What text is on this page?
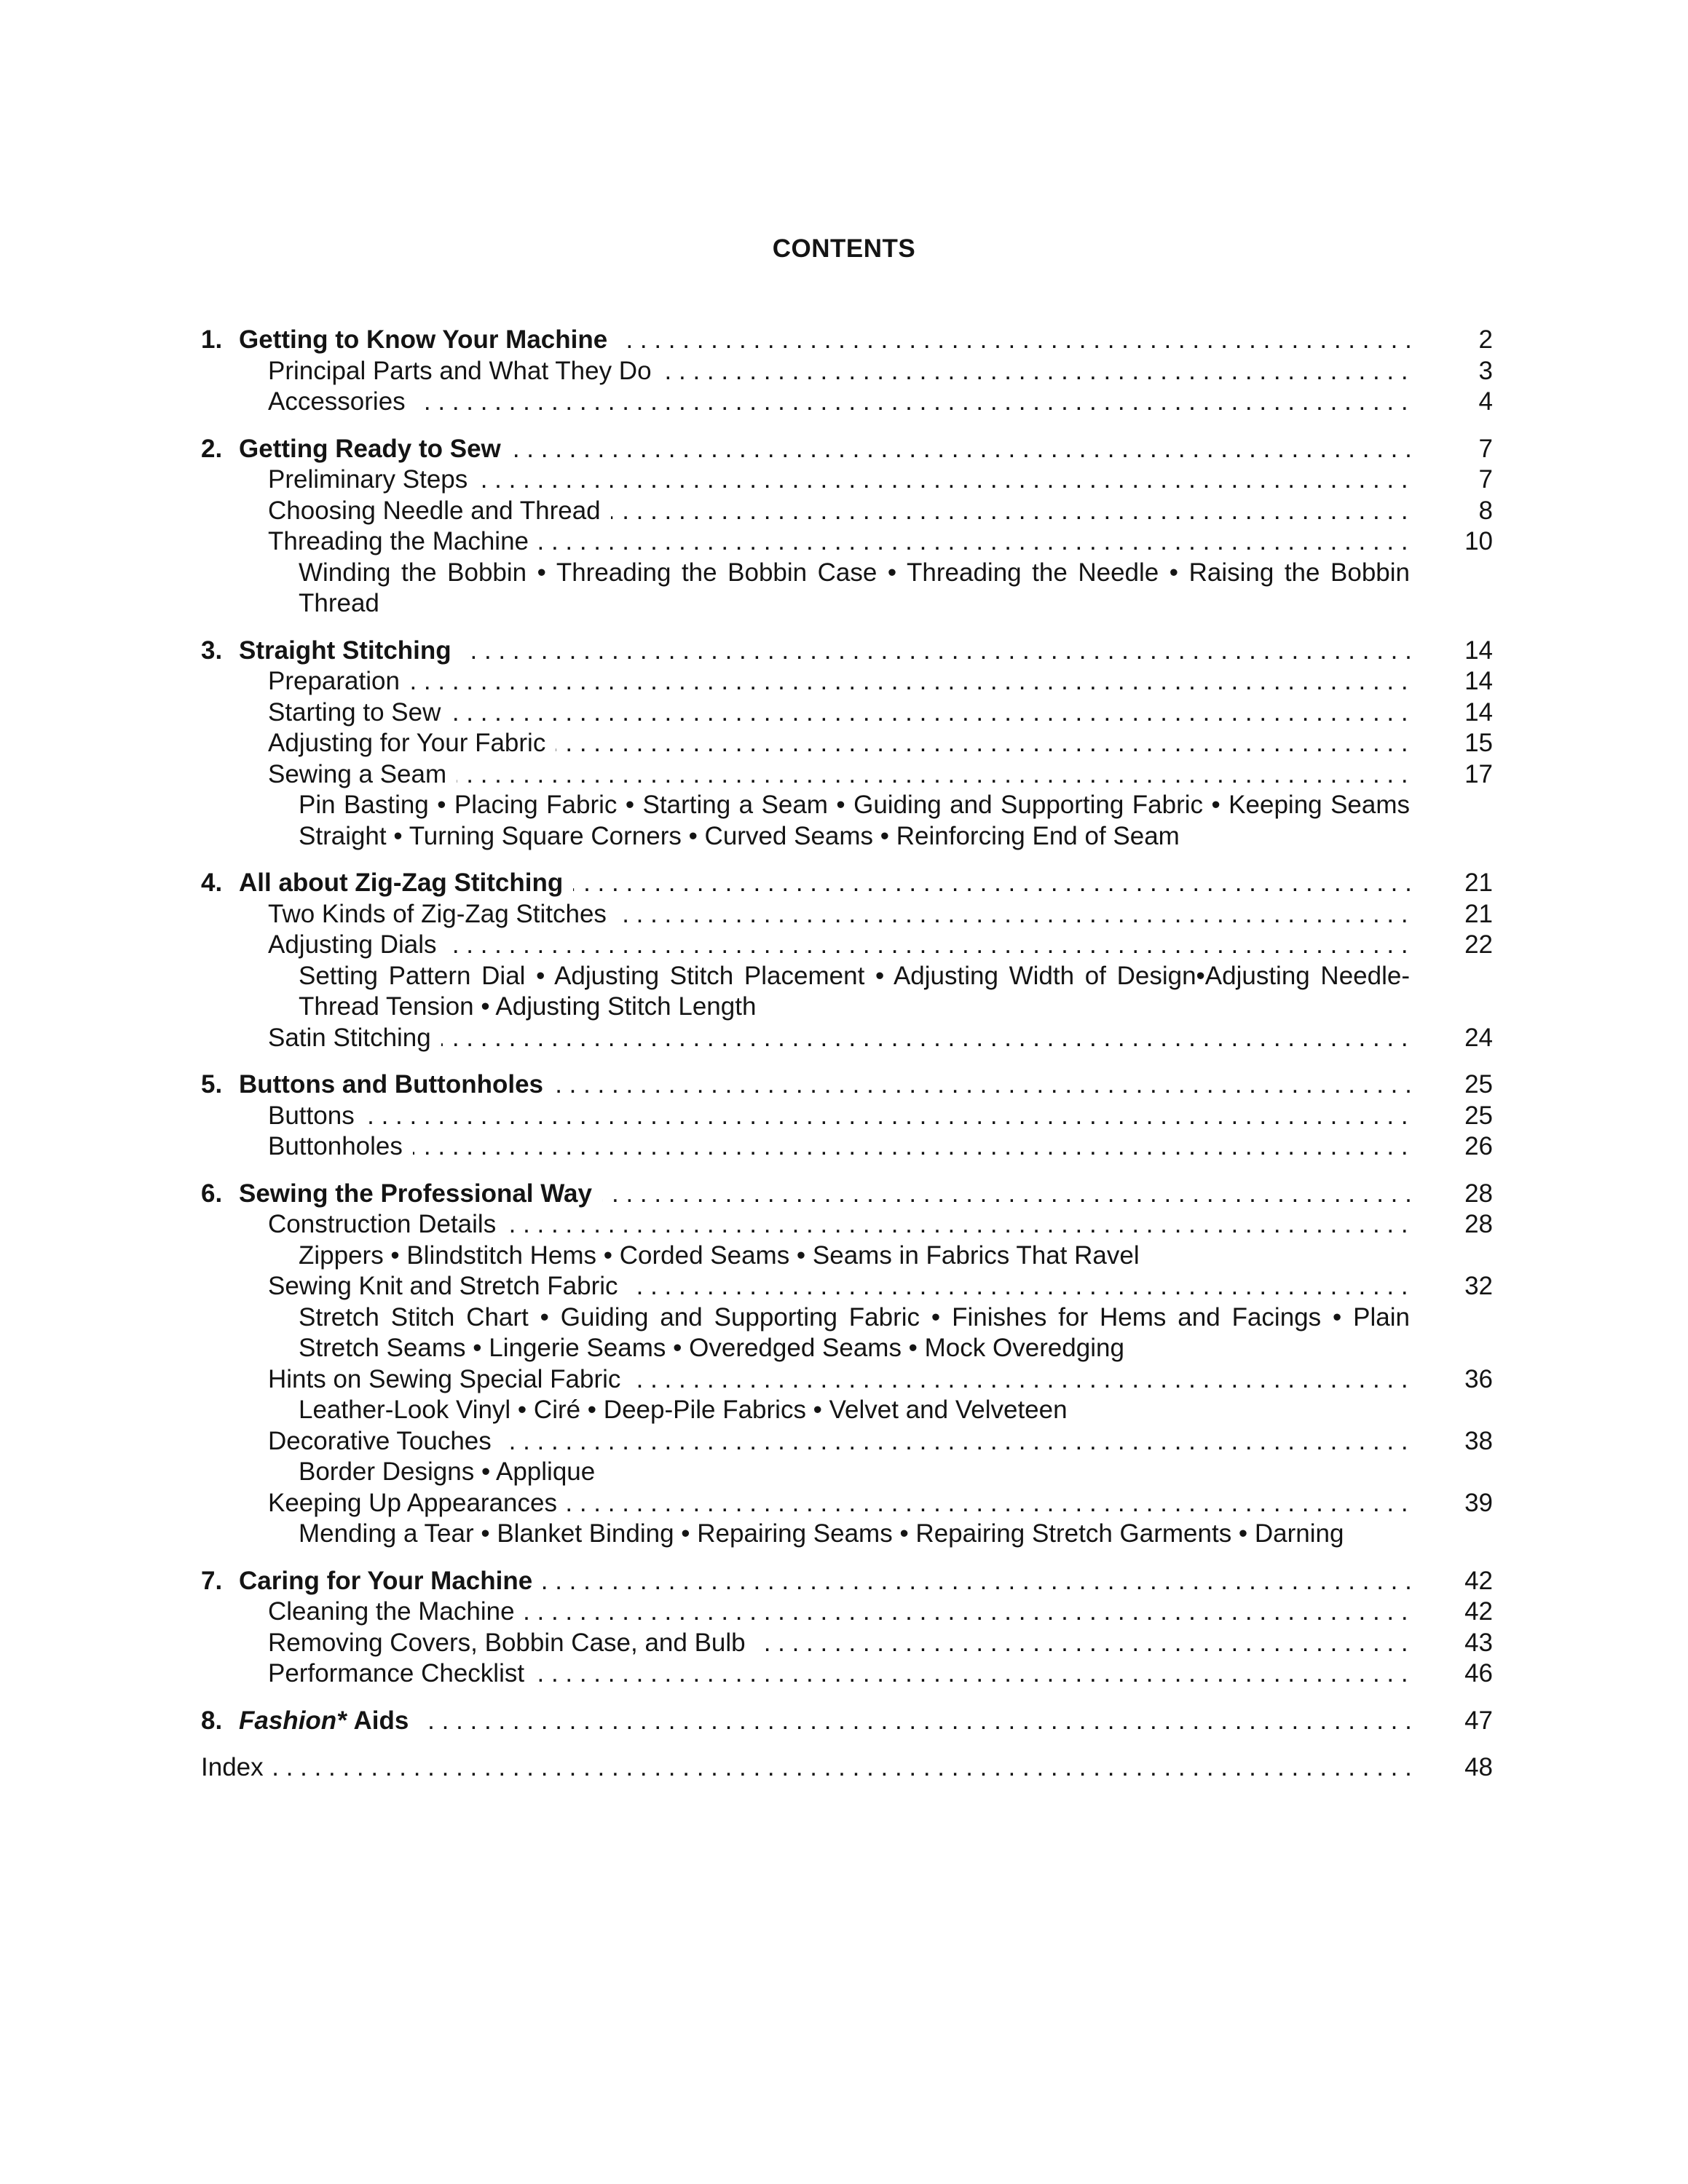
CONTENTS
1. Getting to Know Your Machine . . .	2
Principal Parts and What They Do . . .	3
Accessories . . .	4
2. Getting Ready to Sew . . .	7
Preliminary Steps . . .	7
Choosing Needle and Thread . . .	8
Threading the Machine . . .	10
Winding the Bobbin • Threading the Bobbin Case • Threading the Needle • Raising the Bobbin Thread
3. Straight Stitching . . .	14
Preparation . . .	14
Starting to Sew . . .	14
Adjusting for Your Fabric . . .	15
Sewing a Seam . . .	17
Pin Basting • Placing Fabric • Starting a Seam • Guiding and Supporting Fabric • Keeping Seams Straight • Turning Square Corners • Curved Seams • Reinforcing End of Seam
4. All about Zig-Zag Stitching . . .	21
Two Kinds of Zig-Zag Stitches . . .	21
Adjusting Dials . . .	22
Setting Pattern Dial • Adjusting Stitch Placement • Adjusting Width of Design•Adjusting Needle-Thread Tension • Adjusting Stitch Length
Satin Stitching . . .	24
5. Buttons and Buttonholes . . .	25
Buttons . . .	25
Buttonholes . . .	26
6. Sewing the Professional Way . . .	28
Construction Details . . .	28
Zippers • Blindstitch Hems • Corded Seams • Seams in Fabrics That Ravel
Sewing Knit and Stretch Fabric . . .	32
Stretch Stitch Chart • Guiding and Supporting Fabric • Finishes for Hems and Facings • Plain Stretch Seams • Lingerie Seams • Overedged Seams • Mock Overedging
Hints on Sewing Special Fabric . . .	36
Leather-Look Vinyl • Ciré • Deep-Pile Fabrics • Velvet and Velveteen
Decorative Touches . . .	38
Border Designs • Applique
Keeping Up Appearances . . .	39
Mending a Tear • Blanket Binding • Repairing Seams • Repairing Stretch Garments • Darning
7. Caring for Your Machine . . .	42
Cleaning the Machine . . .	42
Removing Covers, Bobbin Case, and Bulb . . .	43
Performance Checklist . . .	46
8. Fashion* Aids . . .	47
Index . . .	48
